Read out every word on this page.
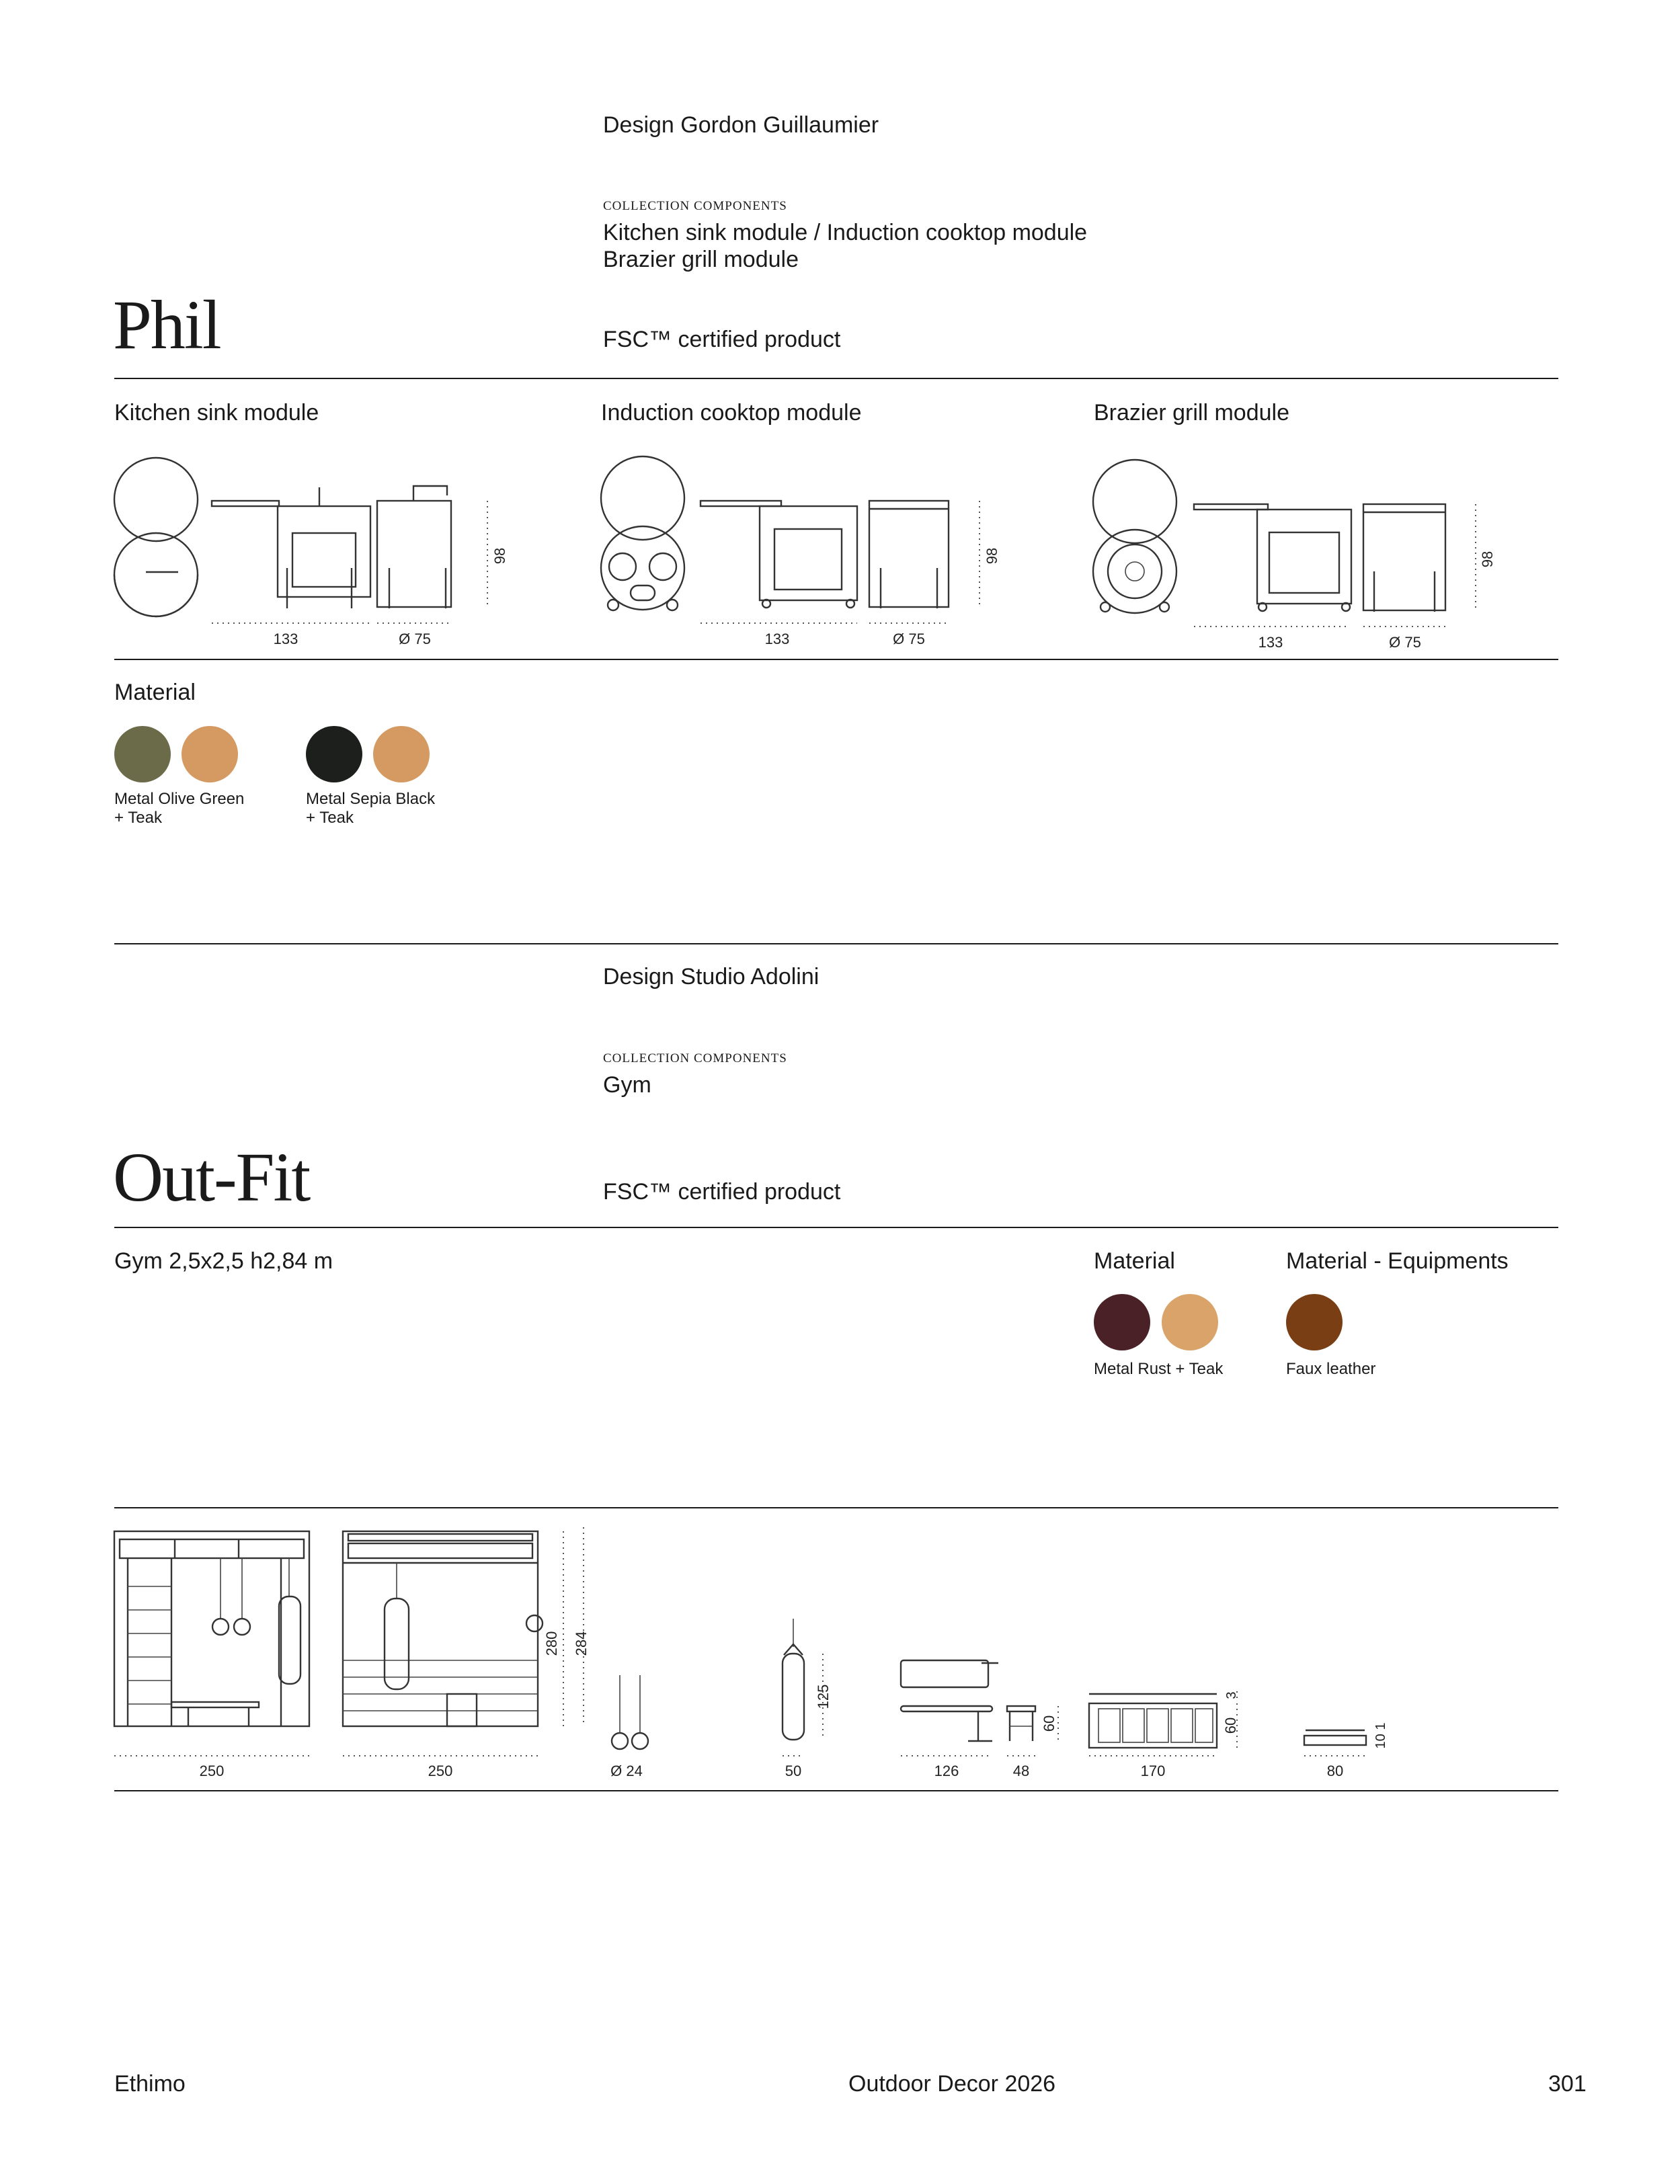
Design Gordon Guillaumier
COLLECTION COMPONENTS
Kitchen sink module / Induction cooktop module
Brazier grill module
Phil	FSC™ certified product
Kitchen sink module	Induction cooktop module	Brazier grill module
133	Ø 75
98
133	Ø 75
98
133	Ø 75
98
Material
Metal Olive Green
+ Teak
Metal Sepia Black
+ Teak
Design Studio Adolini
COLLECTION COMPONENTS
Gym
Out-Fit	FSC™ certified product
Gym 2,5x2,5 h2,84 m	Material	Material - Equipments
Metal Rust + Teak	Faux leather
250	250
280 284
Ø 24	50
125
126	48
60
170
60
3
80
10 1
Ethimo	Outdoor Decor 2026	301
